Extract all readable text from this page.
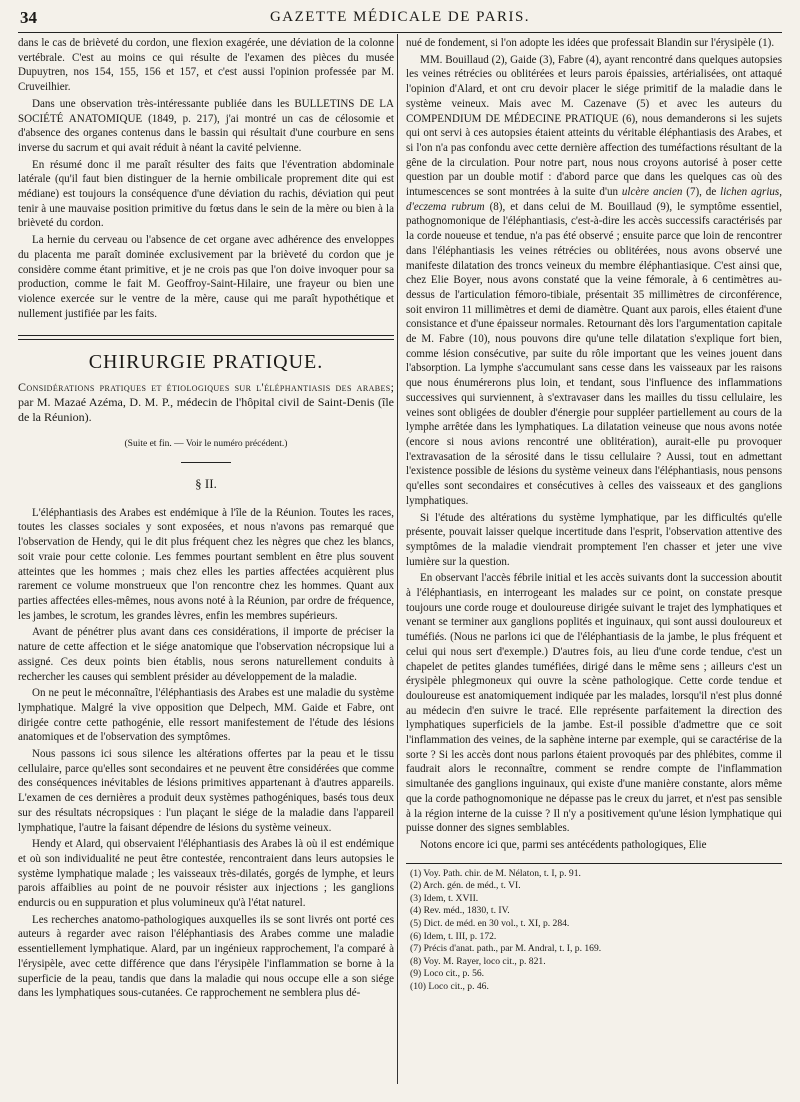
34	GAZETTE MÉDICALE DE PARIS.

dans le cas de brièveté du cordon, une flexion exagérée, une déviation de la colonne vertébrale. C'est au moins ce qui résulte de l'examen des pièces du musée Dupuytren, nos 154, 155, 156 et 157, et c'est aussi l'opinion professée par M. Cruveilhier.

Dans une observation très-intéressante publiée dans les BULLETINS DE LA SOCIÉTÉ ANATOMIQUE (1849, p. 217), j'ai montré un cas de célosomie et d'absence des organes contenus dans le bassin qui résultait d'une courbure en sens inverse du sacrum et qui avait réduit à néant la cavité pelvienne.

En résumé donc il me paraît résulter des faits que l'éventration abdominale latérale (qu'il faut bien distinguer de la hernie ombilicale proprement dite qui est médiane) est toujours la conséquence d'une déviation du rachis, déviation qui peut tenir à une mauvaise position primitive du fœtus dans le sein de la mère ou bien à la brièveté du cordon.

La hernie du cerveau ou l'absence de cet organe avec adhérence des enveloppes du placenta me paraît dominée exclusivement par la brièveté du cordon que je considère comme étant primitive, et je ne crois pas que l'on doive invoquer pour sa production, comme le fait M. Geoffroy-Saint-Hilaire, une frayeur ou bien une violence exercée sur le ventre de la mère, cause qui me paraît hypothétique et nullement justifiée par les faits.

CHIRURGIE PRATIQUE.

Considérations pratiques et étiologiques sur l'éléphantiasis des arabes; par M. Mazaé Azéma, D. M. P., médecin de l'hôpital civil de Saint-Denis (île de la Réunion).

(Suite et fin. — Voir le numéro précédent.)

§ II.

L'éléphantiasis des Arabes est endémique à l'île de la Réunion. Toutes les races, toutes les classes sociales y sont exposées, et nous n'avons pas remarqué que l'observation de Hendy, qui le dit plus fréquent chez les nègres que chez les blancs, soit vraie pour cette colonie. Les femmes pourtant semblent en être plus souvent atteintes que les hommes ; mais chez elles les parties affectées acquièrent plus rarement ce volume monstrueux que l'on rencontre chez les hommes. Quant aux parties affectées elles-mêmes, nous avons noté à la Réunion, par ordre de fréquence, les jambes, le scrotum, les grandes lèvres, enfin les membres supérieurs.

Avant de pénétrer plus avant dans ces considérations, il importe de préciser la nature de cette affection et le siége anatomique que l'observation nécropsique lui a assigné. Ces deux points bien établis, nous serons naturellement conduits à rechercher les causes qui semblent présider au développement de la maladie.

On ne peut le méconnaître, l'éléphantiasis des Arabes est une maladie du système lymphatique. Malgré la vive opposition que Delpech, MM. Gaide et Fabre, ont dirigée contre cette pathogénie, elle ressort manifestement de l'étude des lésions anatomiques et de l'observation des symptômes.

Nous passons ici sous silence les altérations offertes par la peau et le tissu cellulaire, parce qu'elles sont secondaires et ne peuvent être considérées que comme des conséquences inévitables de lésions primitives appartenant à d'autres appareils. L'examen de ces dernières a produit deux systèmes pathogéniques, basés tous deux sur des résultats nécropsiques : l'un plaçant le siége de la maladie dans l'appareil lymphatique, l'autre la faisant dépendre de lésions du système veineux.

Hendy et Alard, qui observaient l'éléphantiasis des Arabes là où il est endémique et où son individualité ne peut être contestée, rencontraient dans leurs autopsies le système lymphatique malade ; les vaisseaux très-dilatés, gorgés de lymphe, et leurs parois affaiblies au point de ne pouvoir résister aux injections ; les ganglions endurcis ou en suppuration et plus volumineux qu'à l'état naturel.

Les recherches anatomo-pathologiques auxquelles ils se sont livrés ont porté ces auteurs à regarder avec raison l'éléphantiasis des Arabes comme une maladie essentiellement lymphatique. Alard, par un ingénieux rapprochement, l'a comparé à l'érysipèle, avec cette différence que dans l'érysipèle l'inflammation se borne à la superficie de la peau, tandis que dans la maladie qui nous occupe elle a son siége dans les lymphatiques sous-cutanées. Ce rapprochement ne semblera plus dé-

nué de fondement, si l'on adopte les idées que professait Blandin sur l'érysipèle (1).

MM. Bouillaud (2), Gaide (3), Fabre (4), ayant rencontré dans quelques autopsies les veines rétrécies ou oblitérées et leurs parois épaissies, artérialisées, ont attaqué l'opinion d'Alard, et ont cru devoir placer le siége primitif de la maladie dans le système veineux. Mais avec M. Cazenave (5) et avec les auteurs du COMPENDIUM DE MÉDECINE PRATIQUE (6), nous demanderons si les sujets qui ont servi à ces autopsies étaient atteints du véritable éléphantiasis des Arabes, et si l'on n'a pas confondu avec cette dernière affection des tuméfactions résultant de la gêne de la circulation. Pour notre part, nous nous croyons autorisé à poser cette question par un double motif : d'abord parce que dans les quelques cas où des intumescences se sont montrées à la suite d'un ulcère ancien (7), de lichen agrius, d'eczema rubrum (8), et dans celui de M. Bouillaud (9), le symptôme essentiel, pathognomonique de l'éléphantiasis, c'est-à-dire les accès successifs caractérisés par la corde noueuse et tendue, n'a pas été observé ; ensuite parce que loin de rencontrer dans l'éléphantiasis les veines rétrécies ou oblitérées, nous avons observé une manifeste dilatation des troncs veineux du membre éléphantiasique. C'est ainsi que, chez Elie Boyer, nous avons constaté que la veine fémorale, à 6 centimètres au-dessus de l'articulation fémoro-tibiale, présentait 35 millimètres de circonférence, soit environ 11 millimètres et demi de diamètre. Quant aux parois, elles étaient d'une consistance et d'une épaisseur normales. Retournant dès lors l'argumentation capitale de M. Fabre (10), nous pouvons dire qu'une telle dilatation s'explique fort bien, comme lésion consécutive, par suite du rôle important que les veines jouent dans l'absorption. La lymphe s'accumulant sans cesse dans les vaisseaux par les raisons que nous énumérerons plus loin, et tendant, sous l'influence des inflammations successives qui surviennent, à s'extravaser dans les mailles du tissu cellulaire, les veines sont obligées de doubler d'énergie pour suppléer partiellement au cours de la lymphe arrêtée dans les lymphatiques. La dilatation veineuse que nous avons notée (encore si nous avions rencontré une oblitération), aurait-elle pu provoquer l'extravasation de la sérosité dans le tissu cellulaire ? Aussi, tout en admettant l'existence possible de lésions du système veineux dans l'éléphantiasis, nous pensons qu'elles sont secondaires et consécutives à celles des vaisseaux et des ganglions lymphatiques.

Si l'étude des altérations du système lymphatique, par les difficultés qu'elle présente, pouvait laisser quelque incertitude dans l'esprit, l'observation attentive des symptômes de la maladie viendrait promptement l'en chasser et jeter une vive lumière sur la question.

En observant l'accès fébrile initial et les accès suivants dont la succession aboutit à l'éléphantiasis, en interrogeant les malades sur ce point, on constate presque toujours une corde rouge et douloureuse dirigée suivant le trajet des lymphatiques et venant se terminer aux ganglions poplités et inguinaux, qui sont aussi douloureux et tuméfiés. (Nous ne parlons ici que de l'éléphantiasis de la jambe, le plus fréquent et celui qui nous sert d'exemple.) D'autres fois, au lieu d'une corde tendue, c'est un chapelet de petites glandes tuméfiées, dirigé dans le même sens ; ailleurs c'est un érysipèle phlegmoneux qui ouvre la scène pathologique. Cette corde tendue et douloureuse est anatomiquement indiquée par les malades, lorsqu'il n'est plus donné au médecin d'en suivre le tracé. Elle représente parfaitement la direction des lymphatiques superficiels de la jambe. Est-il possible d'admettre que ce soit l'inflammation des veines, de la saphène interne par exemple, qui se caractérise de la sorte ? Si les accès dont nous parlons étaient provoqués par des phlébites, comme il faudrait alors le reconnaître, comment se rendre compte de l'inflammation simultanée des ganglions inguinaux, qui existe d'une manière constante, alors même que la corde pathognomonique ne dépasse pas le creux du jarret, et n'est pas sensible à la région interne de la cuisse ? Il n'y a positivement qu'une lésion lymphatique qui puisse donner des signes semblables.

Notons encore ici que, parmi ses antécédents pathologiques, Elie

(1) Voy. Path. chir. de M. Nélaton, t. I, p. 91.
(2) Arch. gén. de méd., t. VI.
(3) Idem, t. XVII.
(4) Rev. méd., 1830, t. IV.
(5) Dict. de méd. en 30 vol., t. XI, p. 284.
(6) Idem, t. III, p. 172.
(7) Précis d'anat. path., par M. Andral, t. I, p. 169.
(8) Voy. M. Rayer, loco cit., p. 821.
(9) Loco cit., p. 56.
(10) Loco cit., p. 46.
